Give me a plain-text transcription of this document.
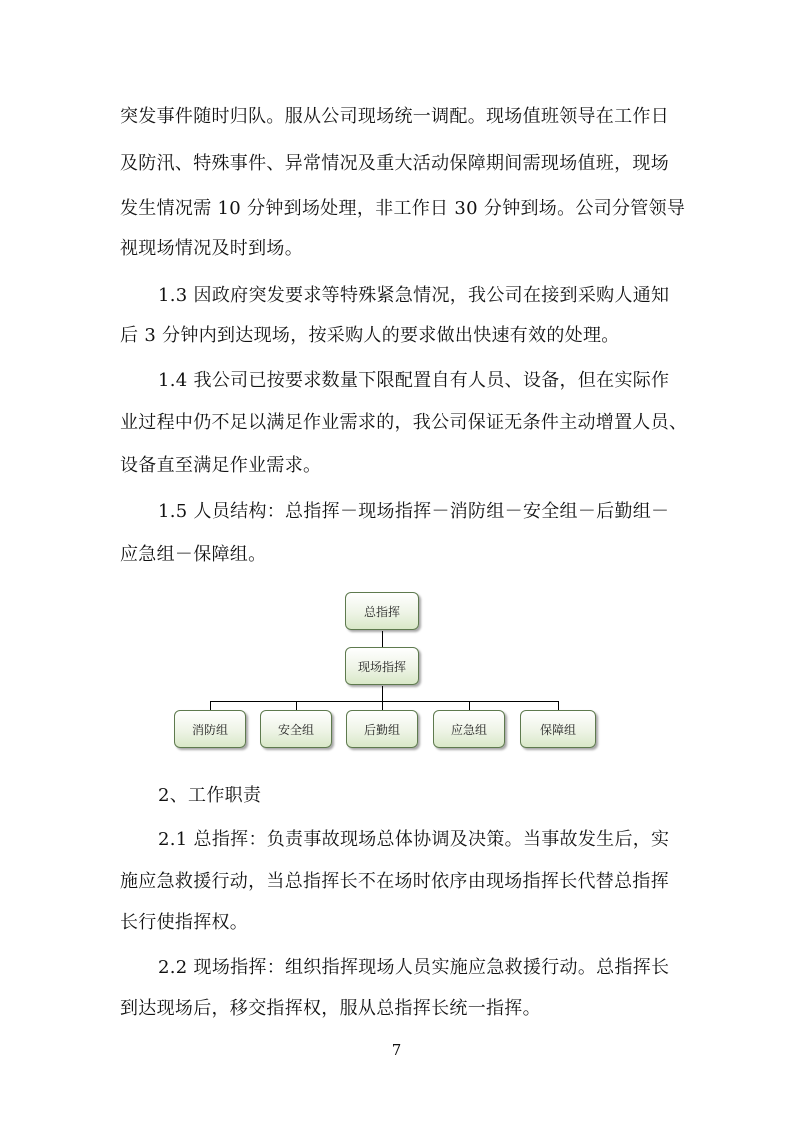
突发事件随时归队。服从公司现场统一调配。现场值班领导在工作日
及防汛、特殊事件、异常情况及重大活动保障期间需现场值班，现场
发生情况需 10 分钟到场处理，非工作日 30 分钟到场。公司分管领导
视现场情况及时到场。
1.3 因政府突发要求等特殊紧急情况，我公司在接到采购人通知
后 3 分钟内到达现场，按采购人的要求做出快速有效的处理。
1.4 我公司已按要求数量下限配置自有人员、设备，但在实际作
业过程中仍不足以满足作业需求的，我公司保证无条件主动增置人员、
设备直至满足作业需求。
1.5 人员结构：总指挥－现场指挥－消防组－安全组－后勤组－
应急组－保障组。
总指挥
现场指挥
消防组	安全组	后勤组	应急组	保障组
2、工作职责
2.1 总指挥：负责事故现场总体协调及决策。当事故发生后，实
施应急救援行动，当总指挥长不在场时依序由现场指挥长代替总指挥
长行使指挥权。
2.2 现场指挥：组织指挥现场人员实施应急救援行动。总指挥长
到达现场后，移交指挥权，服从总指挥长统一指挥。
7
